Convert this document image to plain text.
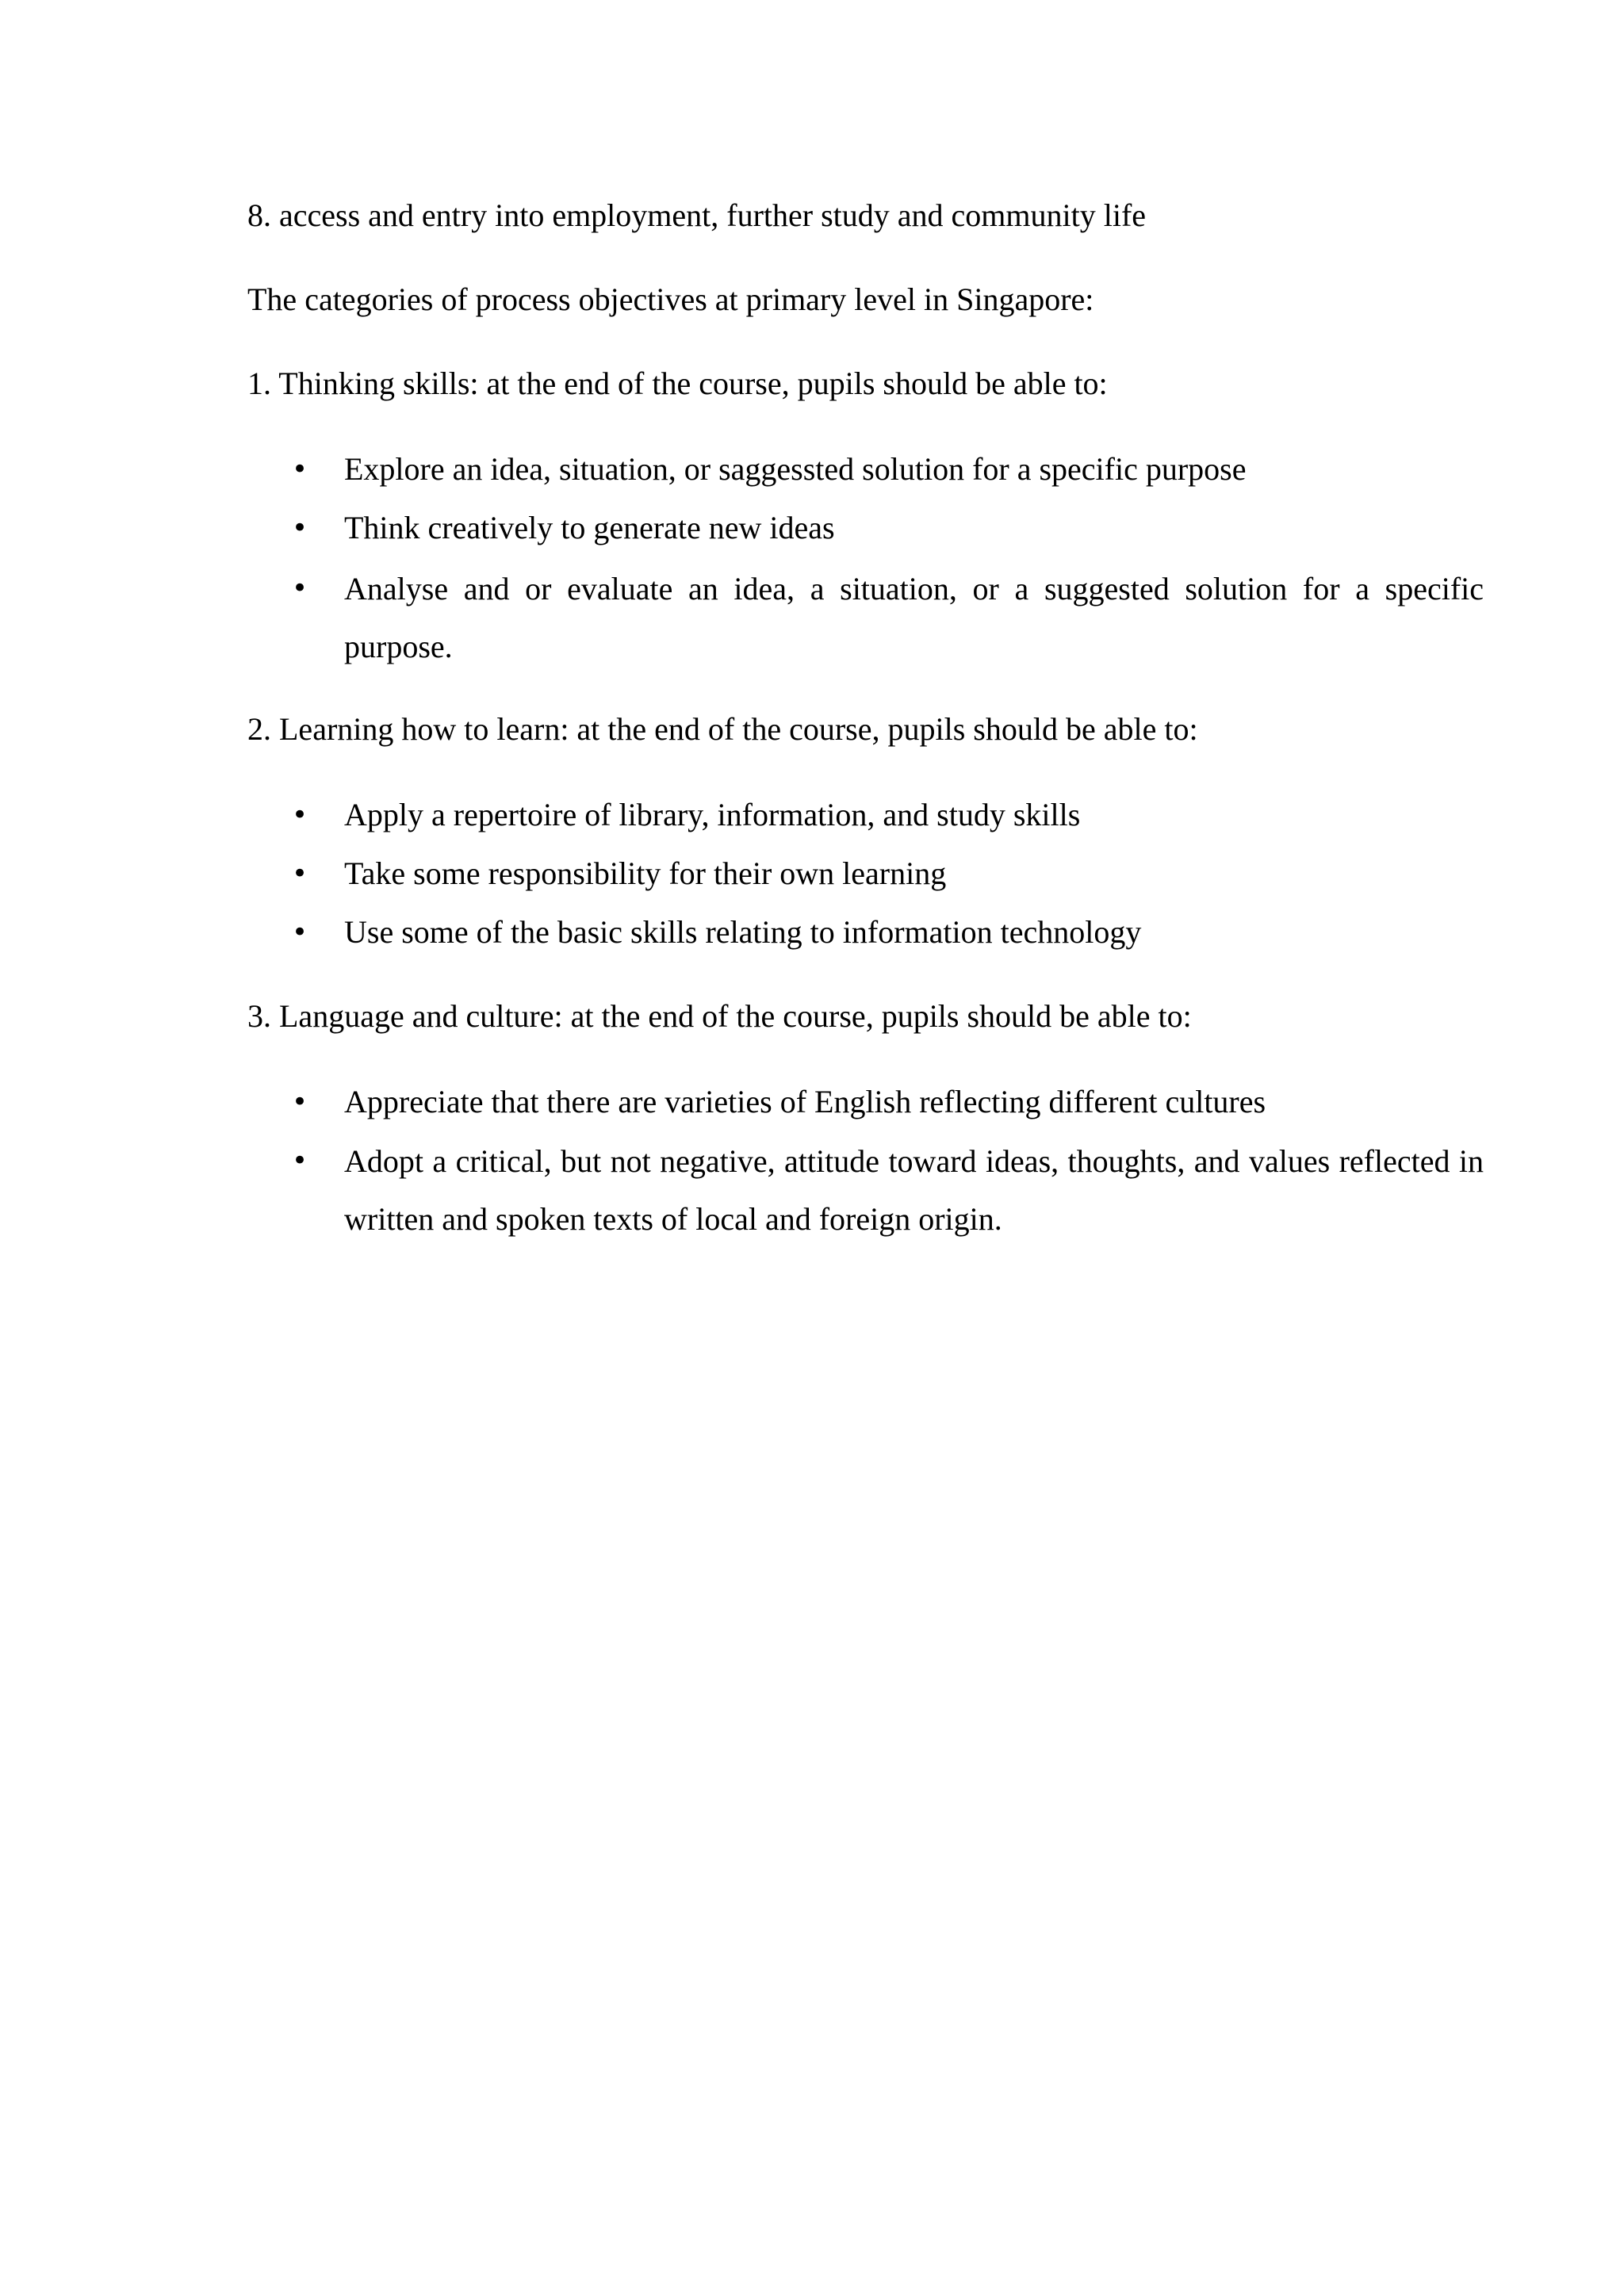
8. access and entry into employment, further study and community life
The categories of process objectives at primary level in Singapore:
1. Thinking skills: at the end of the course, pupils should be able to:
•	Explore an idea, situation, or saggessted solution for a specific purpose
•	Think creatively to generate new ideas
•	Analyse and or evaluate an idea, a situation, or a suggested solution for a specific purpose.
2. Learning how to learn: at the end of the course, pupils should be able to:
•	Apply a repertoire of library, information, and study skills
•	Take some responsibility for their own learning
•	Use some of the basic skills relating to information technology
3. Language and culture: at the end of the course, pupils should be able to:
•	Appreciate that there are varieties of English reflecting different cultures
•	Adopt a critical, but not negative, attitude toward ideas, thoughts, and values reflected in written and spoken texts of local and foreign origin.
